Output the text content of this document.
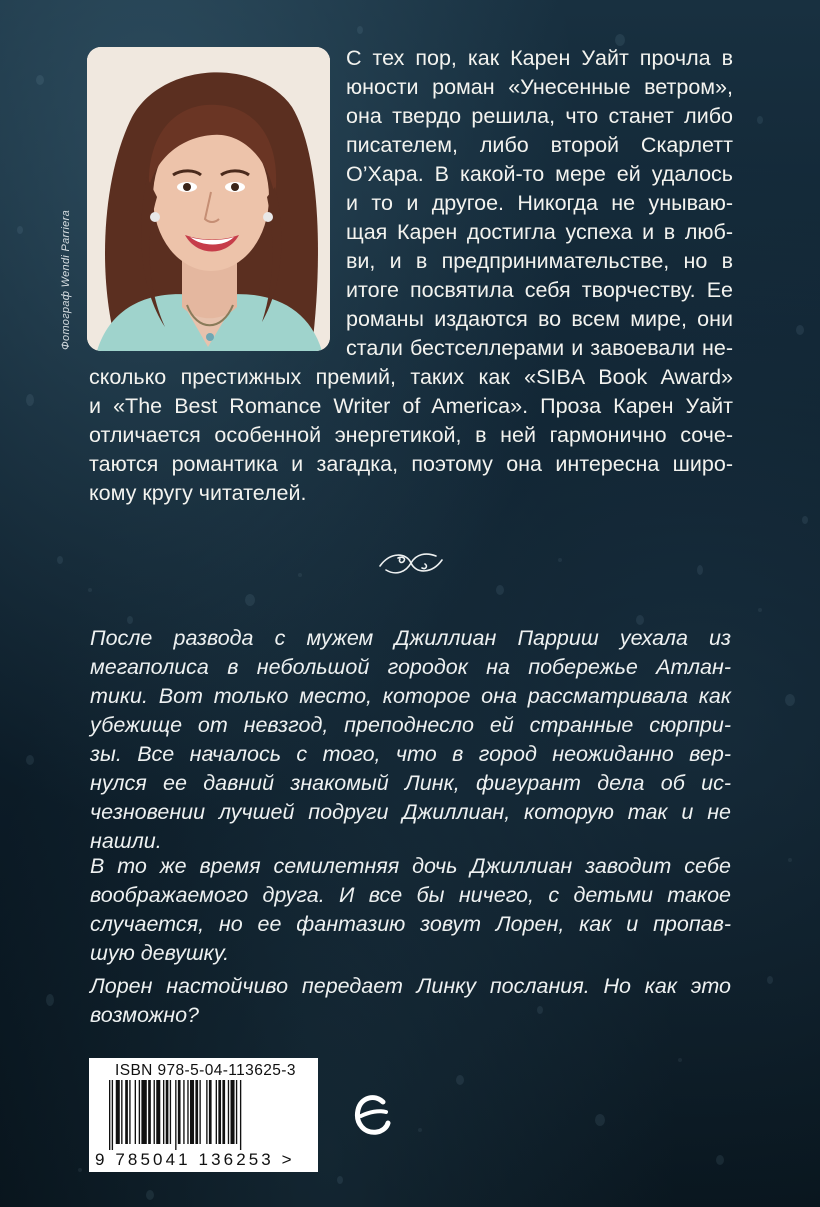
Фотограф Wendi Parriera
С тех пор, как Карен Уайт прочла в
юности роман «Унесенные ветром»,
она твердо решила, что станет либо
писателем, либо второй Скарлетт
О’Хара. В какой-то мере ей удалось
и то и другое. Никогда не унываю-
щая Карен достигла успеха и в люб-
ви, и в предпринимательстве, но в
итоге посвятила себя творчеству. Ее
романы издаются во всем мире, они
стали бестселлерами и завоевали не-
сколько престижных премий, таких как «SIBA Book Award»
и «The Best Romance Writer of America». Проза Карен Уайт
отличается особенной энергетикой, в ней гармонично соче-
таются романтика и загадка, поэтому она интересна широ-
кому кругу читателей.
После развода с мужем Джиллиан Парриш уехала из
мегаполиса в небольшой городок на побережье Атлан-
тики. Вот только место, которое она рассматривала как
убежище от невзгод, преподнесло ей странные сюрпри-
зы. Все началось с того, что в город неожиданно вер-
нулся ее давний знакомый Линк, фигурант дела об ис-
чезновении лучшей подруги Джиллиан, которую так и не
нашли.
В то же время семилетняя дочь Джиллиан заводит себе
воображаемого друга. И все бы ничего, с детьми такое
случается, но ее фантазию зовут Лорен, как и пропав-
шую девушку.
Лорен настойчиво передает Линку послания. Но как это
возможно?
ISBN 978-5-04-113625-3
9 785041 136253 >
